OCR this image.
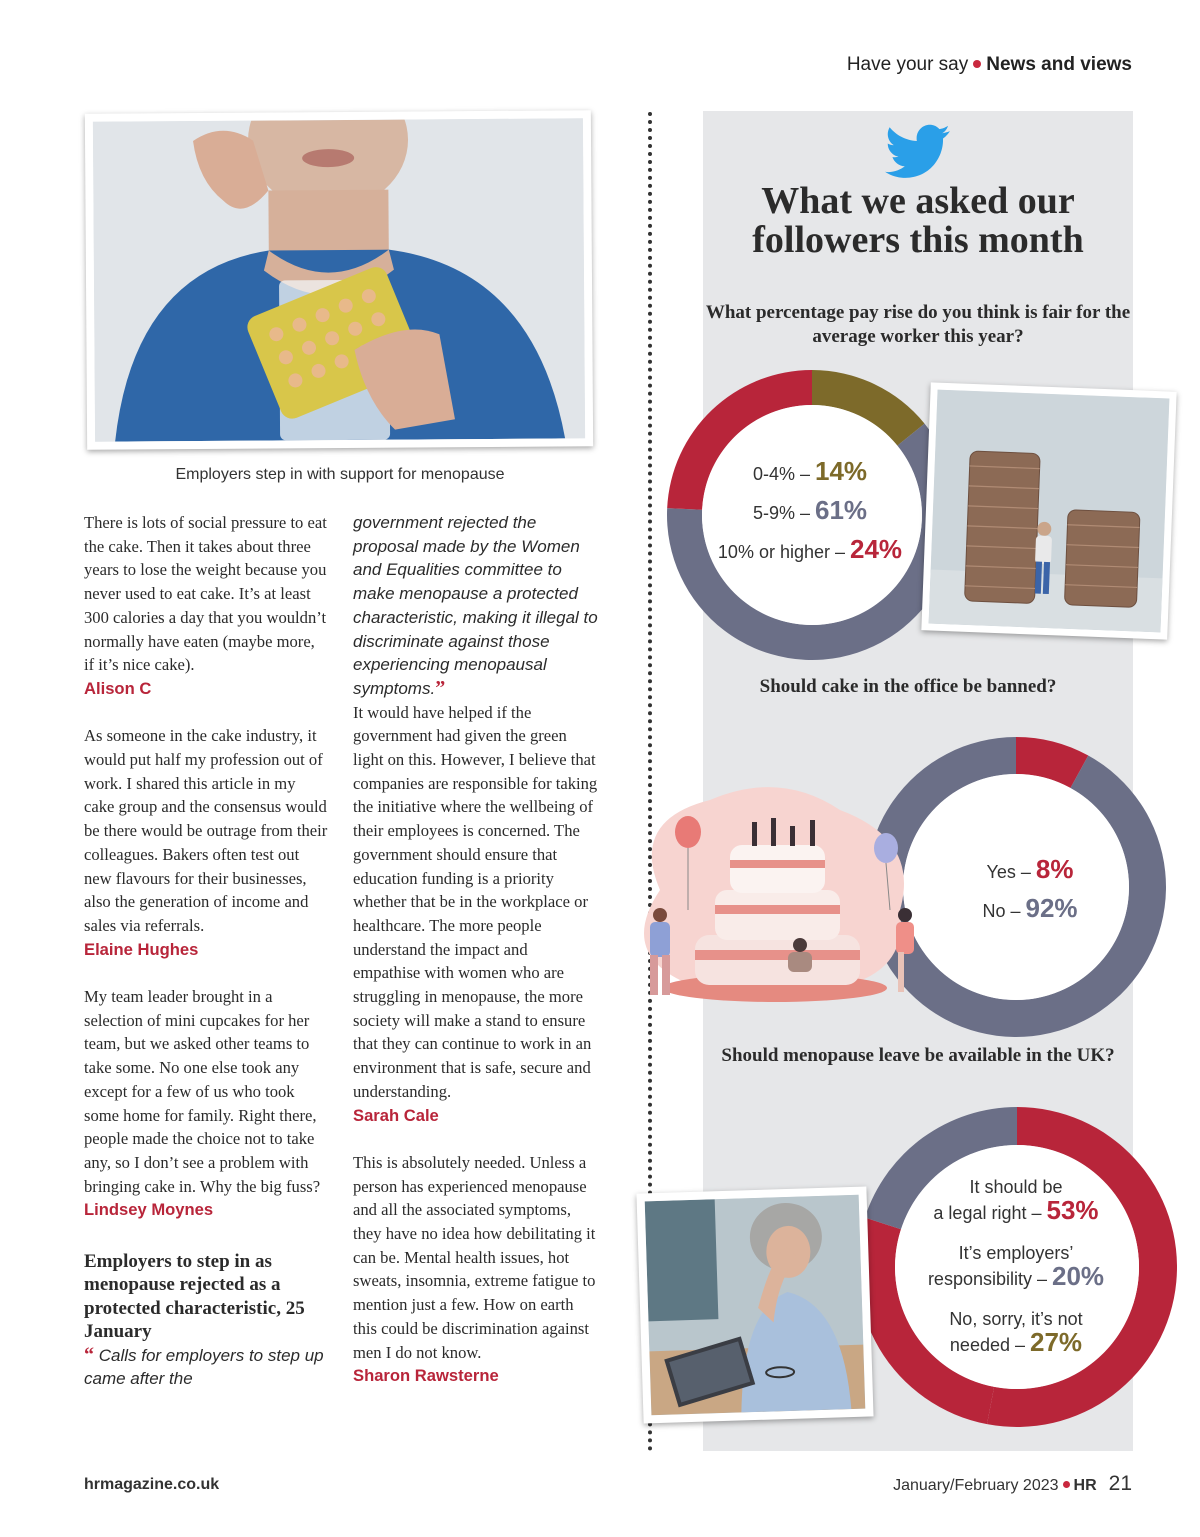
Have your say News and views
Employers step in with support for menopause

There is lots of social pressure to eat the cake. Then it takes about three years to lose the weight because you never used to eat cake. It’s at least 300 calories a day that you wouldn’t normally have eaten (maybe more, if it’s nice cake).

Alison C

As someone in the cake industry, it would put half my profession out of work. I shared this article in my cake group and the consensus would be there would be outrage from their colleagues. Bakers often test out new flavours for their businesses, also the generation of income and sales via referrals.

Elaine Hughes

My team leader brought in a selection of mini cupcakes for her team, but we asked other teams to take some. No one else took any except for a few of us who took some home for family. Right there, people made the choice not to take any, so I don’t see a problem with bringing cake in. Why the big fuss?

Lindsey Moynes
Employers to step in as menopause rejected as a protected characteristic, 25 January
“ Calls for employers to step up came after the
government rejected the proposal made by the Women and Equalities committee to make menopause a protected characteristic, making it illegal to discriminate against those experiencing menopausal symptoms.”

It would have helped if the government had given the green light on this. However, I believe that companies are responsible for taking the initiative where the wellbeing of their employees is concerned. The government should ensure that education funding is a priority whether that be in the workplace or healthcare. The more people understand the impact and empathise with women who are struggling in menopause, the more society will make a stand to ensure that they can continue to work in an environment that is safe, secure and understanding.

Sarah Cale

This is absolutely needed. Unless a person has experienced menopause and all the associated symptoms, they have no idea how debilitating it can be. Mental health issues, hot sweats, insomnia, extreme fatigue to mention just a few. How on earth this could be discrimination against men I do not know.

Sharon Rawsterne
What we asked our
followers this month
What percentage pay rise do you think is fair for the average worker this year?
0-4% – 14%
5-9% – 61%
10% or higher – 24%
Should cake in the office be banned?
Yes – 8%
No – 92%
Should menopause leave be available in the UK?
It should be
a legal right – 53%
It’s employers’
responsibility – 20%
No, sorry, it’s not
needed – 27%
hrmagazine.co.uk	January/February 2023 HR 21
